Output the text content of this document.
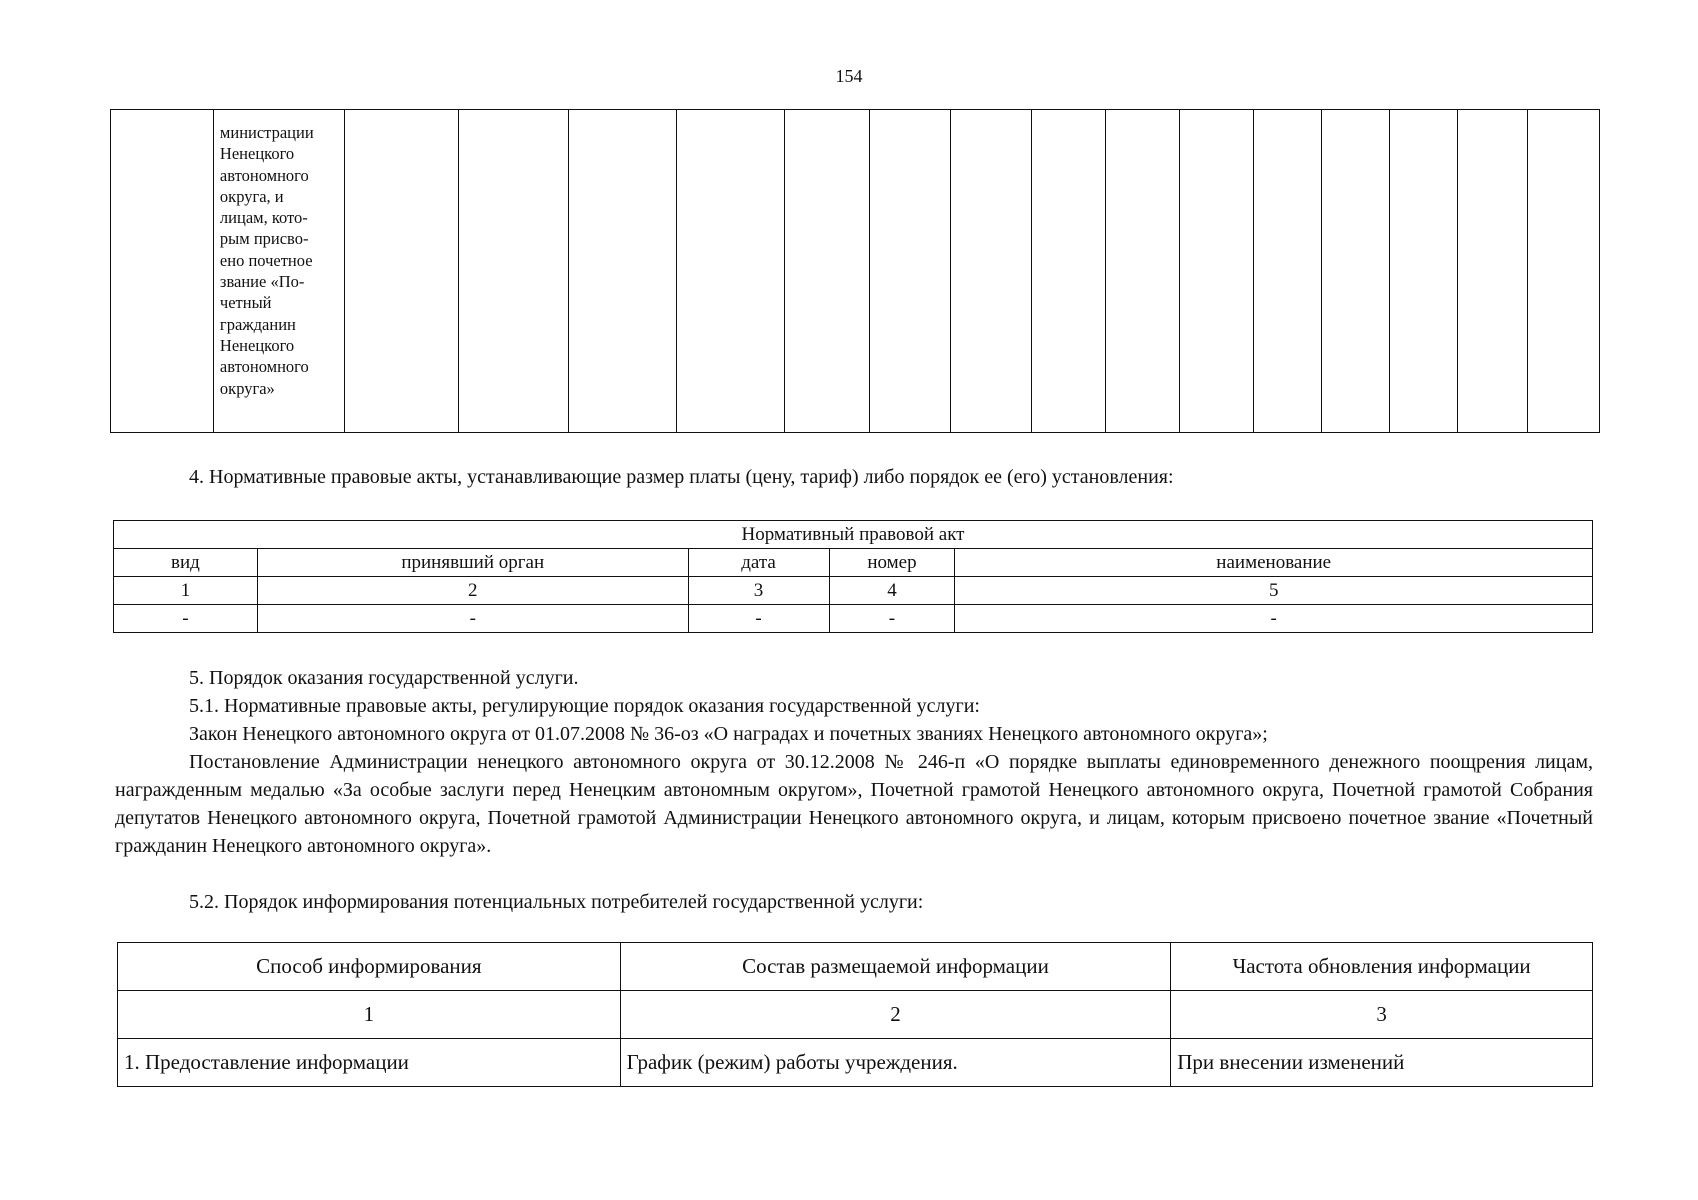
154

министрации
Ненецкого
автономного
округа, и
лицам, кото-
рым присво-
ено почетное
звание «По-
четный
гражданин
Ненецкого
автономного
округа»

4. Нормативные правовые акты, устанавливающие размер платы (цену, тариф) либо порядок ее (его) установления:

Нормативный правовой акт				
вид	принявший орган	дата	номер	наименование
1	2	3	4	5
-	-	-	-	-

5. Порядок оказания государственной услуги.

5.1. Нормативные правовые акты, регулирующие порядок оказания государственной услуги:

Закон Ненецкого автономного округа от 01.07.2008 № 36-оз «О наградах и почетных званиях Ненецкого автономного округа»;

Постановление Администрации ненецкого автономного округа от 30.12.2008 № 246-п «О порядке выплаты единовременного денежного поощрения лицам, награжденным медалью «За особые заслуги перед Ненецким автономным округом», Почетной грамотой Ненецкого автономного округа, Почетной грамотой Собрания депутатов Ненецкого автономного округа, Почетной грамотой Администрации Ненецкого автономного округа, и лицам, которым присвоено почетное звание «Почетный гражданин Ненецкого автономного округа».

5.2. Порядок информирования потенциальных потребителей государственной услуги:

Способ информирования	Состав размещаемой информации	Частота обновления информации
1	2	3
1. Предоставление информации	График (режим) работы учреждения.	При внесении изменений
